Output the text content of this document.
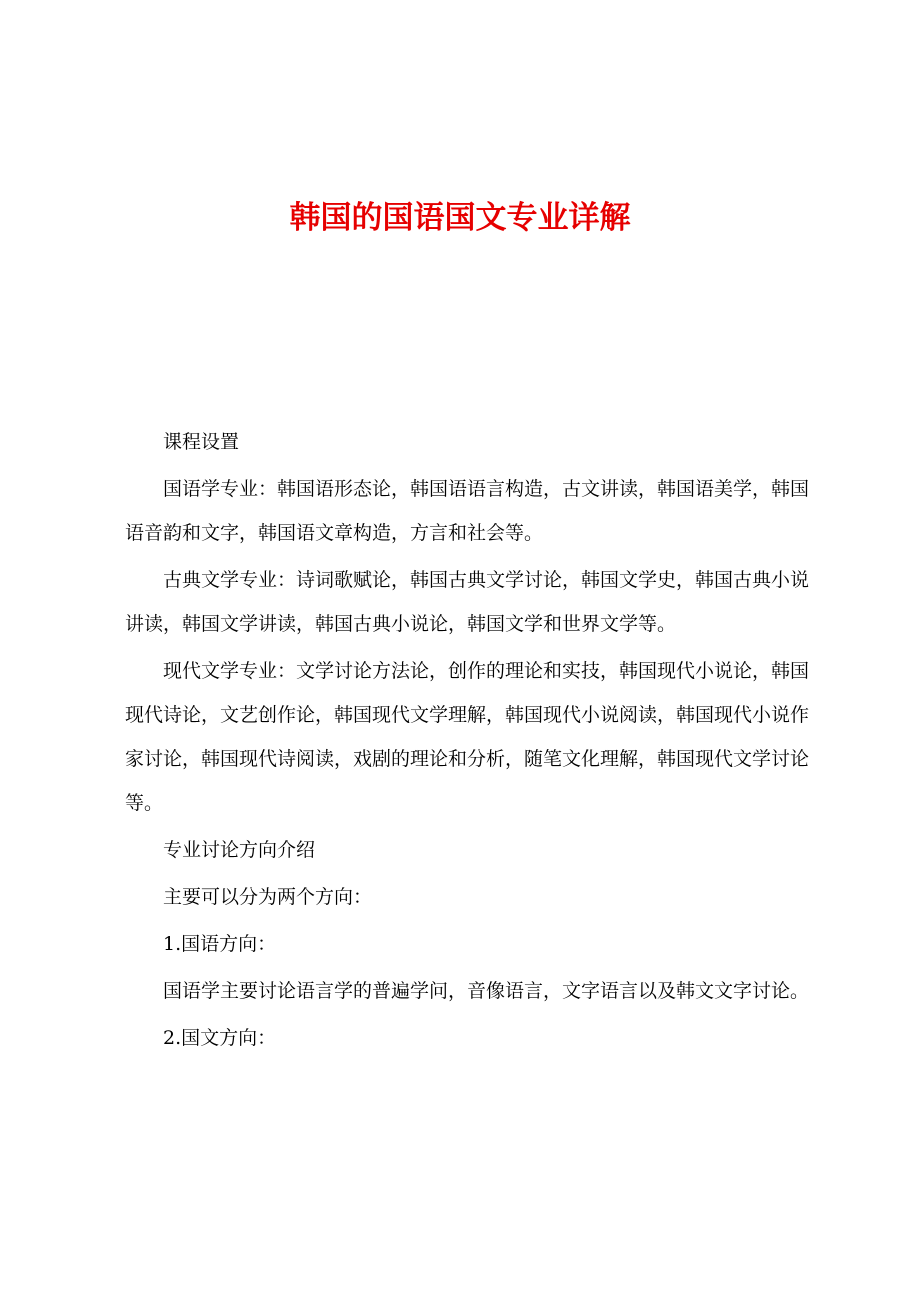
韩国的国语国文专业详解

课程设置

国语学专业：韩国语形态论，韩国语语言构造，古文讲读，韩国语美学，韩国语音韵和文字，韩国语文章构造，方言和社会等。

古典文学专业：诗词歌赋论，韩国古典文学讨论，韩国文学史，韩国古典小说讲读，韩国文学讲读，韩国古典小说论，韩国文学和世界文学等。

现代文学专业：文学讨论方法论，创作的理论和实技，韩国现代小说论，韩国现代诗论，文艺创作论，韩国现代文学理解，韩国现代小说阅读，韩国现代小说作家讨论，韩国现代诗阅读，戏剧的理论和分析，随笔文化理解，韩国现代文学讨论等。

专业讨论方向介绍

主要可以分为两个方向：

1.国语方向：

国语学主要讨论语言学的普遍学问，音像语言，文字语言以及韩文文字讨论。

2.国文方向：
